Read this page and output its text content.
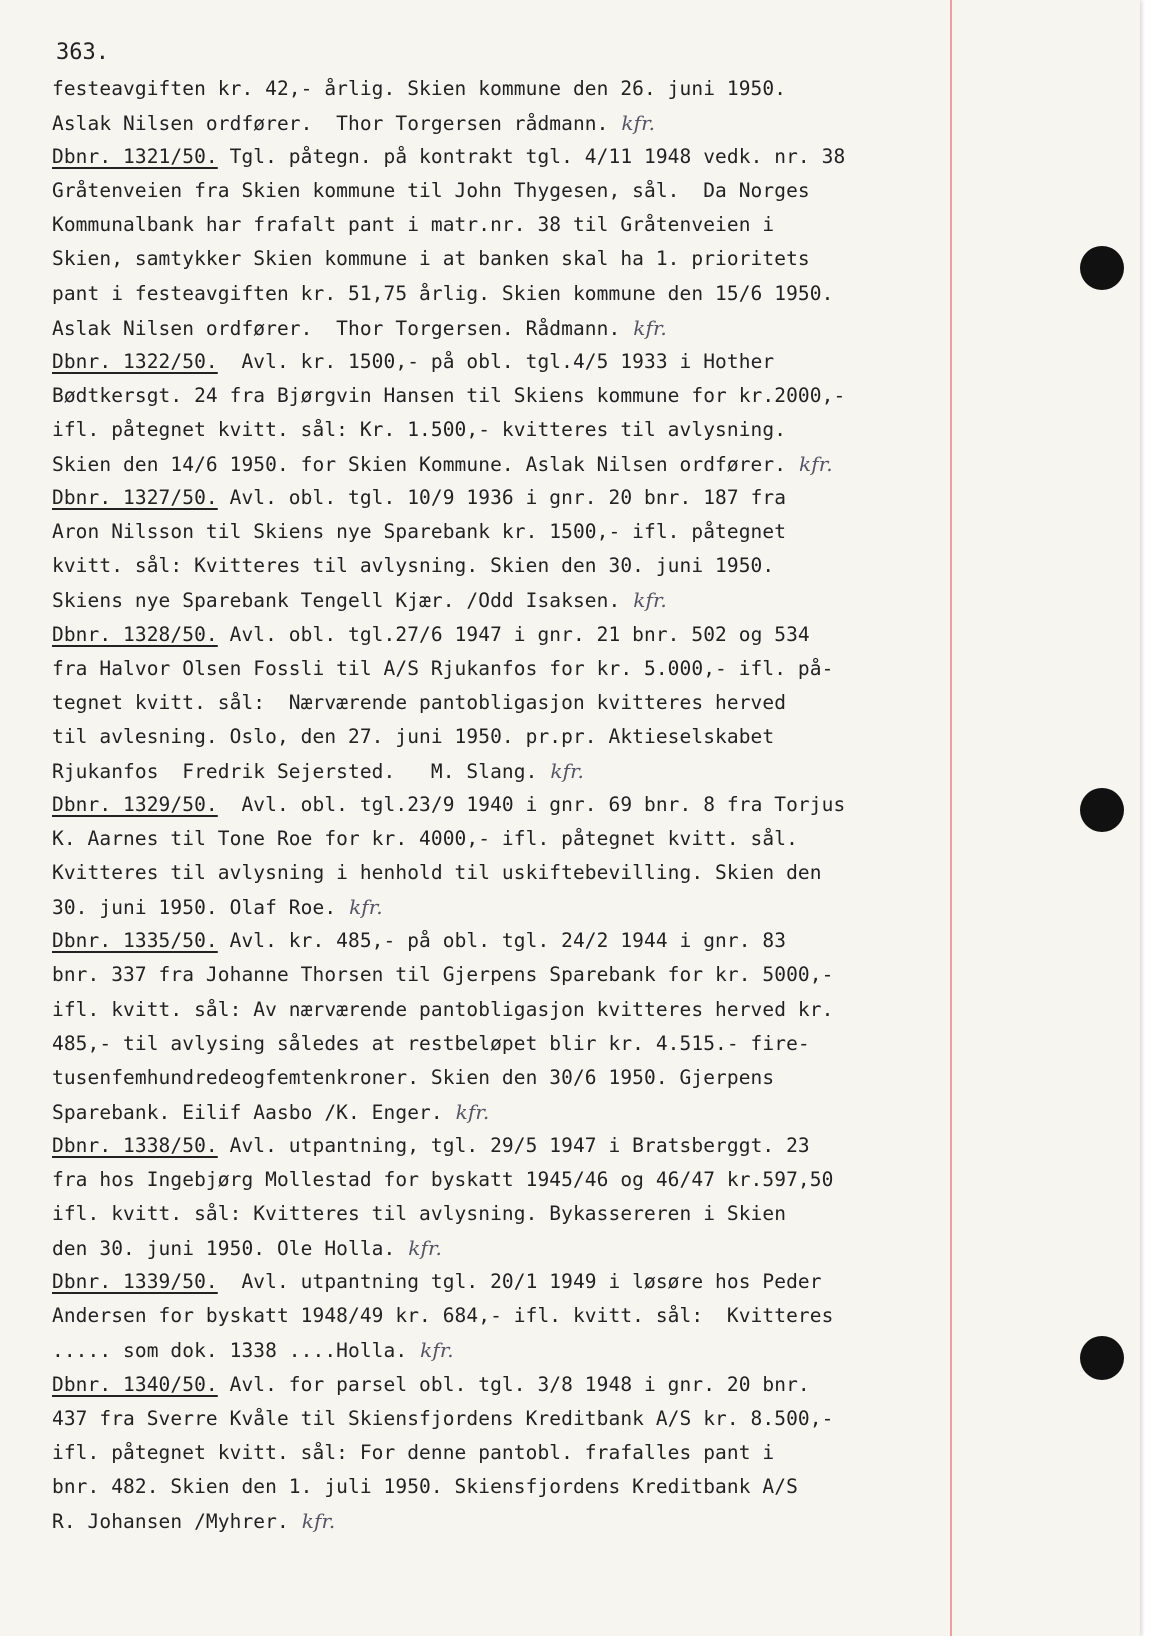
363.
festeavgiften kr. 42,- årlig. Skien kommune den 26. juni 1950.
Aslak Nilsen ordfører.  Thor Torgersen rådmann.  kfr.
Dbnr. 1321/50. Tgl. påtegn. på kontrakt tgl. 4/11 1948 vedk. nr. 38
Gråtenveien fra Skien kommune til John Thygesen, sål.  Da Norges
Kommunalbank har frafalt pant i matr.nr. 38 til Gråtenveien i
Skien, samtykker Skien kommune i at banken skal ha 1. prioritets
pant i festeavgiften kr. 51,75 årlig. Skien kommune den 15/6 1950.
Aslak Nilsen ordfører.  Thor Torgersen. Rådmann.  kfr.
Dbnr. 1322/50.  Avl. kr. 1500,- på obl. tgl.4/5 1933 i Hother
Bødtkersgt. 24 fra Bjørgvin Hansen til Skiens kommune for kr.2000,-
ifl. påtegnet kvitt. sål: Kr. 1.500,- kvitteres til avlysning.
Skien den 14/6 1950. for Skien Kommune. Aslak Nilsen ordfører.  kfr.
Dbnr. 1327/50. Avl. obl. tgl. 10/9 1936 i gnr. 20 bnr. 187 fra
Aron Nilsson til Skiens nye Sparebank kr. 1500,- ifl. påtegnet
kvitt. sål: Kvitteres til avlysning. Skien den 30. juni 1950.
Skiens nye Sparebank Tengell Kjær. /Odd Isaksen.  kfr.
Dbnr. 1328/50. Avl. obl. tgl.27/6 1947 i gnr. 21 bnr. 502 og 534
fra Halvor Olsen Fossli til A/S Rjukanfos for kr. 5.000,- ifl. på-
tegnet kvitt. sål:  Nærværende pantobligasjon kvitteres herved
til avlesning. Oslo, den 27. juni 1950. pr.pr. Aktieselskabet
Rjukanfos  Fredrik Sejersted.   M. Slang.  kfr.
Dbnr. 1329/50.  Avl. obl. tgl.23/9 1940 i gnr. 69 bnr. 8 fra Torjus
K. Aarnes til Tone Roe for kr. 4000,- ifl. påtegnet kvitt. sål.
Kvitteres til avlysning i henhold til uskiftebevilling. Skien den
30. juni 1950. Olaf Roe.  kfr.
Dbnr. 1335/50. Avl. kr. 485,- på obl. tgl. 24/2 1944 i gnr. 83
bnr. 337 fra Johanne Thorsen til Gjerpens Sparebank for kr. 5000,-
ifl. kvitt. sål: Av nærværende pantobligasjon kvitteres herved kr.
485,- til avlysing således at restbeløpet blir kr. 4.515.- fire-
tusenfemhundredeogfemtenkroner. Skien den 30/6 1950. Gjerpens
Sparebank. Eilif Aasbo /K. Enger.  kfr.
Dbnr. 1338/50. Avl. utpantning, tgl. 29/5 1947 i Bratsberggt. 23
fra hos Ingebjørg Mollestad for byskatt 1945/46 og 46/47 kr.597,50
ifl. kvitt. sål: Kvitteres til avlysning. Bykassereren i Skien
den 30. juni 1950. Ole Holla.  kfr.
Dbnr. 1339/50.  Avl. utpantning tgl. 20/1 1949 i løsøre hos Peder
Andersen for byskatt 1948/49 kr. 684,- ifl. kvitt. sål:  Kvitteres
..... som dok. 1338 ....Holla.  kfr.
Dbnr. 1340/50. Avl. for parsel obl. tgl. 3/8 1948 i gnr. 20 bnr.
437 fra Sverre Kvåle til Skiensfjordens Kreditbank A/S kr. 8.500,-
ifl. påtegnet kvitt. sål: For denne pantobl. frafalles pant i
bnr. 482. Skien den 1. juli 1950. Skiensfjordens Kreditbank A/S
R. Johansen /Myhrer.  kfr.
